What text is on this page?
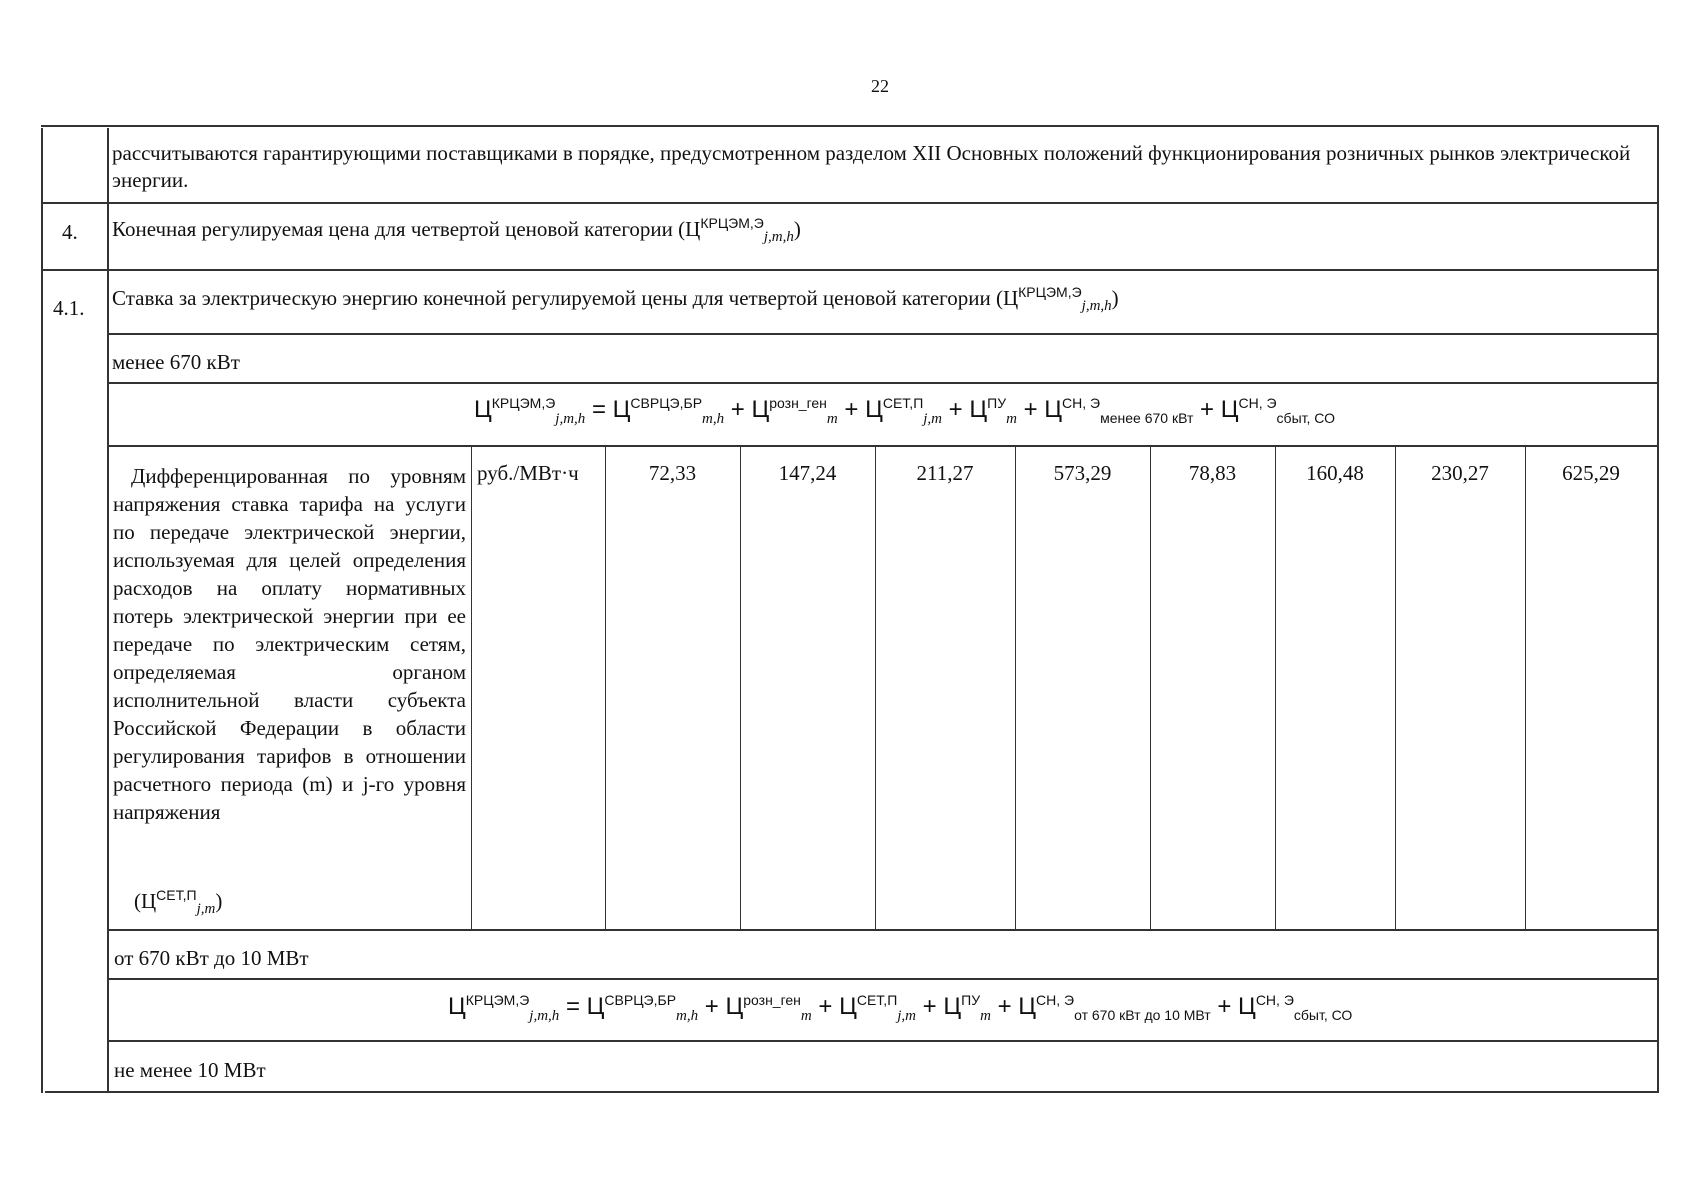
22
рассчитываются гарантирующими поставщиками в порядке, предусмотренном разделом XII Основных положений функционирования розничных рынков электрической энергии.
4. Конечная регулируемая цена для четвертой ценовой категории $(Ц^{КРЦЭМ,Э}_{j,m,h})$
4.1. Ставка за электрическую энергию конечной регулируемой цены для четвертой ценовой категории $(Ц^{КРЦЭМ,Э}_{j,m,h})$
менее 670 кВт
$Ц^{КРЦЭМ,Э}_{j,m,h} = Ц^{СВРЦЭ,БР}_{m,h} + Ц^{розн\_ген}_m + Ц^{СЕТ,П}_{j,m} + Ц^{ПУ}_m + Ц^{СН, Э}_{менее 670 кВт} + Ц^{СН, Э}_{сбыт, СО}$
Дифференцированная по уровням напряжения ставка тарифа на услуги по передаче электрической энергии, используемая для целей определения расходов на оплату нормативных потерь электрической энергии при ее передаче по электрическим сетям, определяемая органом исполнительной власти субъекта Российской Федерации в области регулирования тарифов в отношении расчетного периода (m) и j-го уровня напряжения
$(Ц^{СЕТ,П}_{j,m})$
руб./МВт·ч	72,33	147,24	211,27	573,29	78,83	160,48	230,27	625,29
от 670 кВт до 10 МВт
$Ц^{КРЦЭМ,Э}_{j,m,h} = Ц^{СВРЦЭ,БР}_{m,h} + Ц^{розн\_ген}_m + Ц^{СЕТ,П}_{j,m} + Ц^{ПУ}_m + Ц^{СН, Э}_{от 670 кВт до 10 МВт} + Ц^{СН, Э}_{сбыт, СО}$
не менее 10 МВт
